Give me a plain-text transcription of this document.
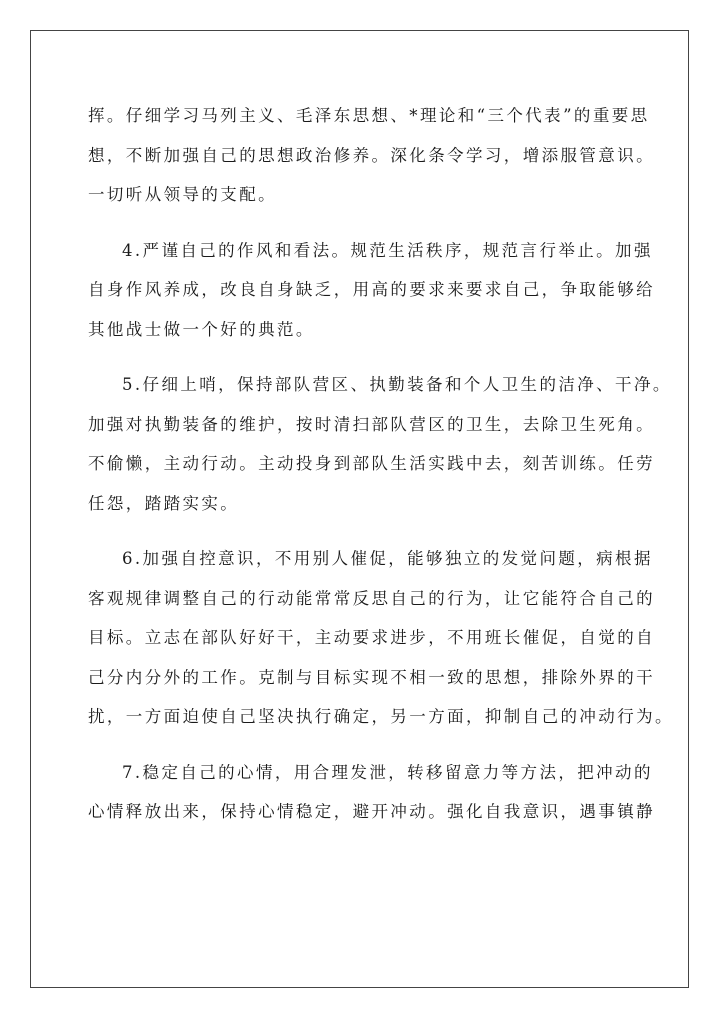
挥。仔细学习马列主义、毛泽东思想、*理论和“三个代表”的重要思
想，不断加强自己的思想政治修养。深化条令学习，增添服管意识。
一切听从领导的支配。

4.严谨自己的作风和看法。规范生活秩序，规范言行举止。加强
自身作风养成，改良自身缺乏，用高的要求来要求自己，争取能够给
其他战士做一个好的典范。

5.仔细上哨，保持部队营区、执勤装备和个人卫生的洁净、干净。
加强对执勤装备的维护，按时清扫部队营区的卫生，去除卫生死角。
不偷懒，主动行动。主动投身到部队生活实践中去，刻苦训练。任劳
任怨，踏踏实实。

6.加强自控意识，不用别人催促，能够独立的发觉问题，病根据
客观规律调整自己的行动能常常反思自己的行为，让它能符合自己的
目标。立志在部队好好干，主动要求进步，不用班长催促，自觉的自
己分内分外的工作。克制与目标实现不相一致的思想，排除外界的干
扰，一方面迫使自己坚决执行确定，另一方面，抑制自己的冲动行为。

7.稳定自己的心情，用合理发泄，转移留意力等方法，把冲动的
心情释放出来，保持心情稳定，避开冲动。强化自我意识，遇事镇静
